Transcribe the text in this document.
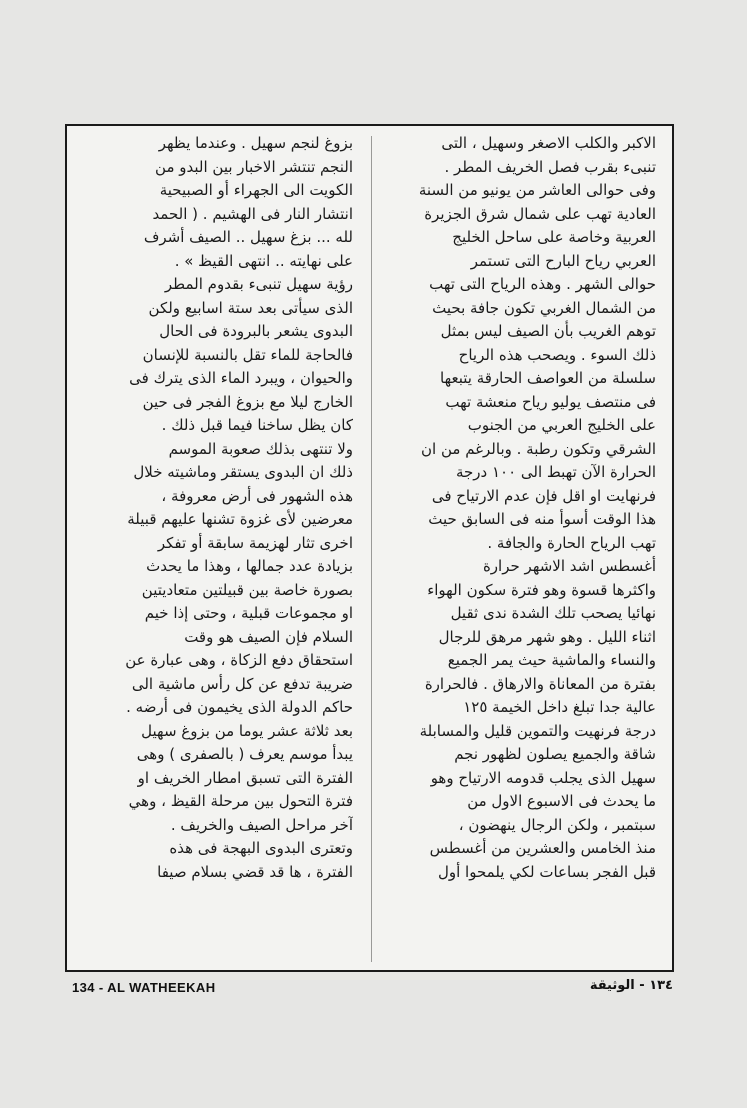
الاكبر والكلب الاصغر وسهيل ، التى
تنبىء بقرب فصل الخريف المطر .
وفى حوالى العاشر من يونيو من السنة
العادية تهب على شمال شرق الجزيرة
العربية وخاصة على ساحل الخليج
العربي رياح البارح التى تستمر
حوالى الشهر . وهذه الرياح التى تهب
من الشمال الغربي تكون جافة بحيث
توهم الغريب بأن الصيف ليس بمثل
ذلك السوء . ويصحب هذه الرياح
سلسلة من العواصف الحارقة يتبعها
فى منتصف يوليو رياح منعشة تهب
على الخليج العربي من الجنوب
الشرقي وتكون رطبة . وبالرغم من ان
الحرارة الآن تهبط الى ١٠٠ درجة
فرنهايت او اقل فإن عدم الارتياح فى
هذا الوقت أسوأ منه فى السابق حيث
تهب الرياح الحارة والجافة .
أغسطس اشد الاشهر حرارة
واكثرها قسوة وهو فترة سكون الهواء
نهائيا يصحب تلك الشدة ندى ثقيل
اثناء الليل . وهو شهر مرهق للرجال
والنساء والماشية حيث يمر الجميع
بفترة من المعاناة والارهاق . فالحرارة
عالية جدا تبلغ داخل الخيمة ١٢٥
درجة فرنهيت والتموين قليل والمسابلة
شاقة والجميع يصلون لظهور نجم
سهيل الذى يجلب قدومه الارتياح وهو
ما يحدث فى الاسبوع الاول من
سبتمبر ، ولكن الرجال ينهضون ،
منذ الخامس والعشرين من أغسطس
قبل الفجر بساعات لكي يلمحوا أول
بزوغ لنجم سهيل . وعندما يظهر
النجم تنتشر الاخبار بين البدو من
الكويت الى الجهراء أو الصبيحية
انتشار النار فى الهشيم . ( الحمد
لله ... بزغ سهيل .. الصيف أشرف
على نهايته .. انتهى القيظ » .
رؤية سهيل تنبىء بقدوم المطر
الذى سيأتى بعد ستة اسابيع ولكن
البدوى يشعر بالبرودة فى الحال
فالحاجة للماء تقل بالنسبة للإنسان
والحيوان ، ويبرد الماء الذى يترك فى
الخارج ليلا مع بزوغ الفجر فى حين
كان يظل ساخنا فيما قبل ذلك .
ولا تنتهى بذلك صعوبة الموسم
ذلك ان البدوى يستقر وماشيته خلال
هذه الشهور فى أرض معروفة ،
معرضين لأى غزوة تشنها عليهم قبيلة
اخرى تثار لهزيمة سابقة أو تفكر
بزيادة عدد جمالها ، وهذا ما يحدث
بصورة خاصة بين قبيلتين متعاديتين
او مجموعات قبلية ، وحتى إذا خيم
السلام فإن الصيف هو وقت
استحقاق دفع الزكاة ، وهى عبارة عن
ضريبة تدفع عن كل رأس ماشية الى
حاكم الدولة الذى يخيمون فى أرضه .
بعد ثلاثة عشر يوما من بزوغ سهيل
يبدأ موسم يعرف ( بالصفرى ) وهى
الفترة التى تسبق امطار الخريف او
فترة التحول بين مرحلة القيظ ، وهي
آخر مراحل الصيف والخريف .
وتعترى البدوى البهجة فى هذه
الفترة ، ها قد قضي بسلام صيفا
134 - AL WATHEEKAH	١٣٤ - الوثيقة
